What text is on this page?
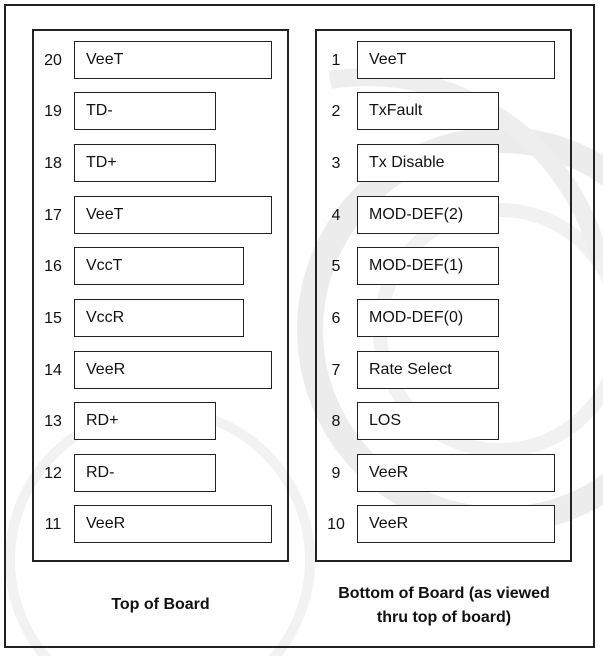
20	VeeT
19	TD-
18	TD+
17	VeeT
16	VccT
15	VccR
14	VeeR
13	RD+
12	RD-
11	VeeR
1	VeeT
2	TxFault
3	Tx Disable
4	MOD-DEF(2)
5	MOD-DEF(1)
6	MOD-DEF(0)
7	Rate Select
8	LOS
9	VeeR
10	VeeR
Top of Board
Bottom of Board (as viewed
thru top of board)
